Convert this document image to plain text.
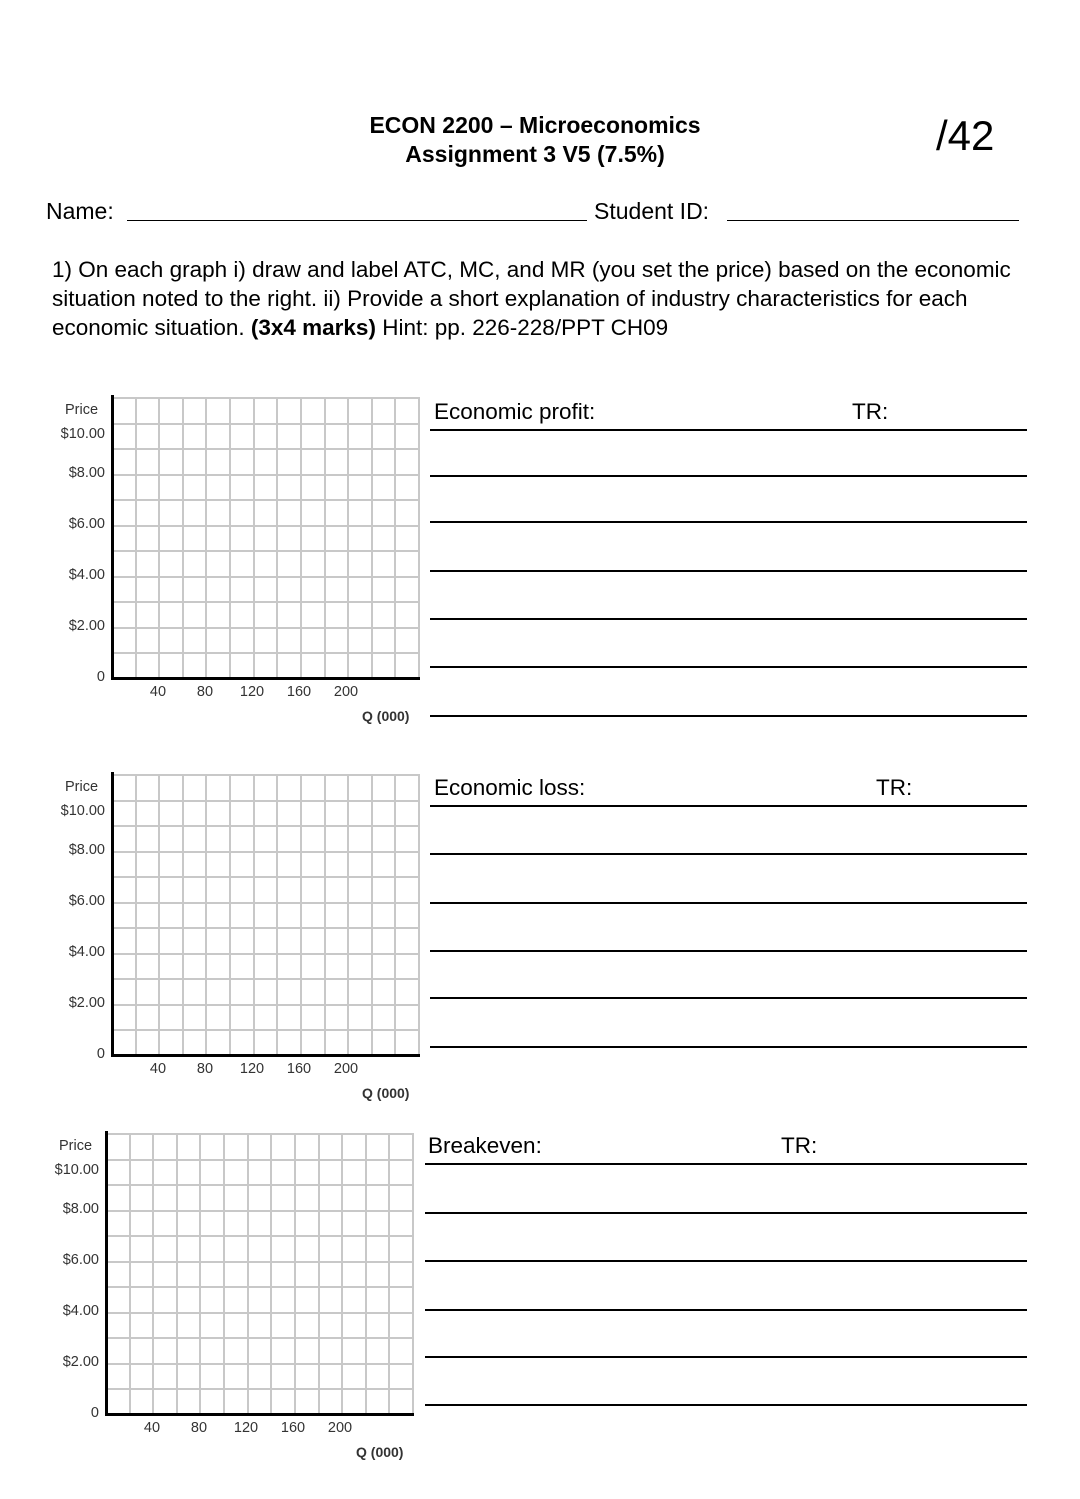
ECON 2200 – Microeconomics
Assignment 3 V5 (7.5%)	/42
Name:	Student ID:
1) On each graph i) draw and label ATC, MC, and MR (you set the price) based on the economic situation noted to the right. ii) Provide a short explanation of industry characteristics for each economic situation. (3x4 marks) Hint: pp. 226-228/PPT CH09
Price
$10.00
$8.00
$6.00
$4.00
$2.00
0
40 80 120 160 200
Q (000)
Economic profit:	TR:
Price
$10.00
$8.00
$6.00
$4.00
$2.00
0
40 80 120 160 200
Q (000)
Economic loss:	TR:
Price
$10.00
$8.00
$6.00
$4.00
$2.00
0
40 80 120 160 200
Q (000)
Breakeven:	TR:
